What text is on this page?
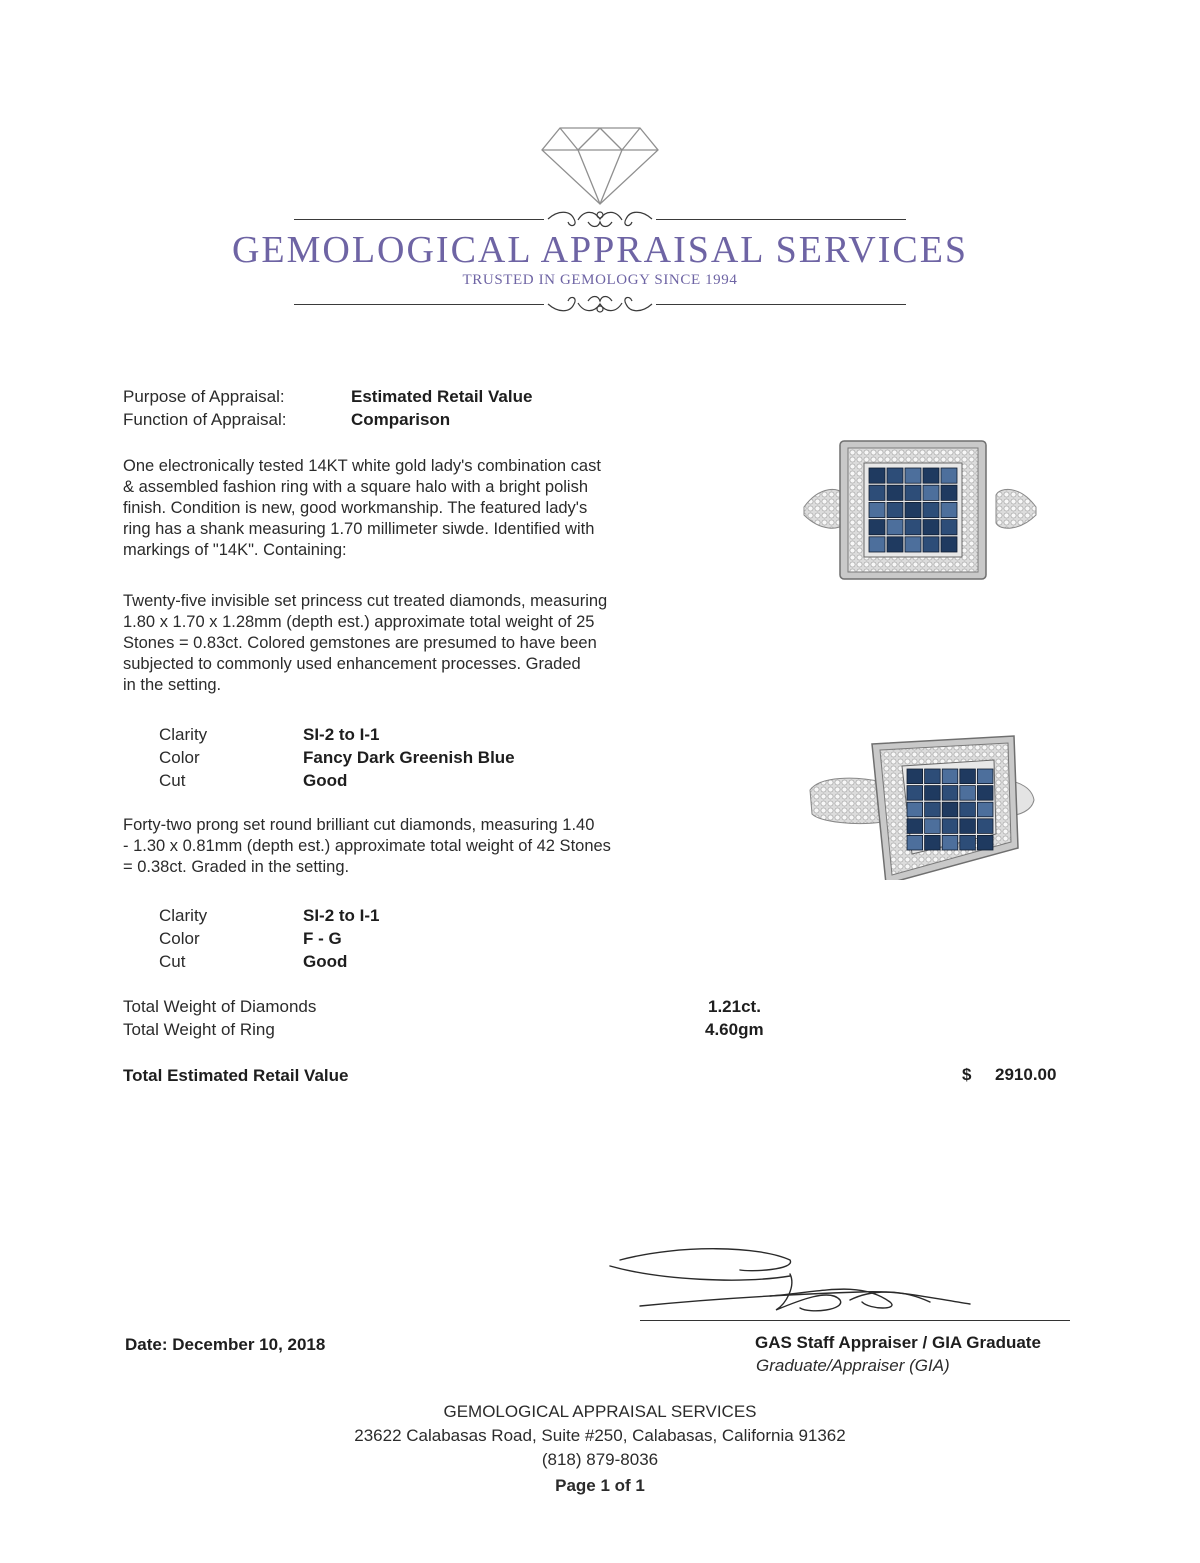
GEMOLOGICAL APPRAISAL SERVICES
TRUSTED IN GEMOLOGY SINCE 1994
Purpose of Appraisal:	Estimated Retail Value
Function of Appraisal:	Comparison
One electronically tested 14KT white gold lady's combination cast
& assembled fashion ring with a square halo with a bright polish
finish. Condition is new, good workmanship. The featured lady's
ring has a shank measuring 1.70 millimeter siwde. Identified with
markings of "14K". Containing:
Twenty-five invisible set princess cut treated diamonds, measuring
1.80 x 1.70 x 1.28mm (depth est.) approximate total weight of 25
Stones = 0.83ct. Colored gemstones are presumed to have been
subjected to commonly used enhancement processes. Graded
in the setting.
Clarity	SI-2 to I-1
Color	Fancy Dark Greenish Blue
Cut	Good
Forty-two prong set round brilliant cut diamonds, measuring 1.40
- 1.30 x 0.81mm (depth est.) approximate total weight of 42 Stones
= 0.38ct. Graded in the setting.
Clarity	SI-2 to I-1
Color	F - G
Cut	Good
Total Weight of Diamonds	1.21ct.
Total Weight of Ring	4.60gm
Total Estimated Retail Value	$ 2910.00
Date: December 10, 2018	GAS Staff Appraiser / GIA Graduate
Graduate/Appraiser (GIA)
GEMOLOGICAL APPRAISAL SERVICES
23622 Calabasas Road, Suite #250, Calabasas, California 91362
(818) 879-8036
Page 1 of 1
